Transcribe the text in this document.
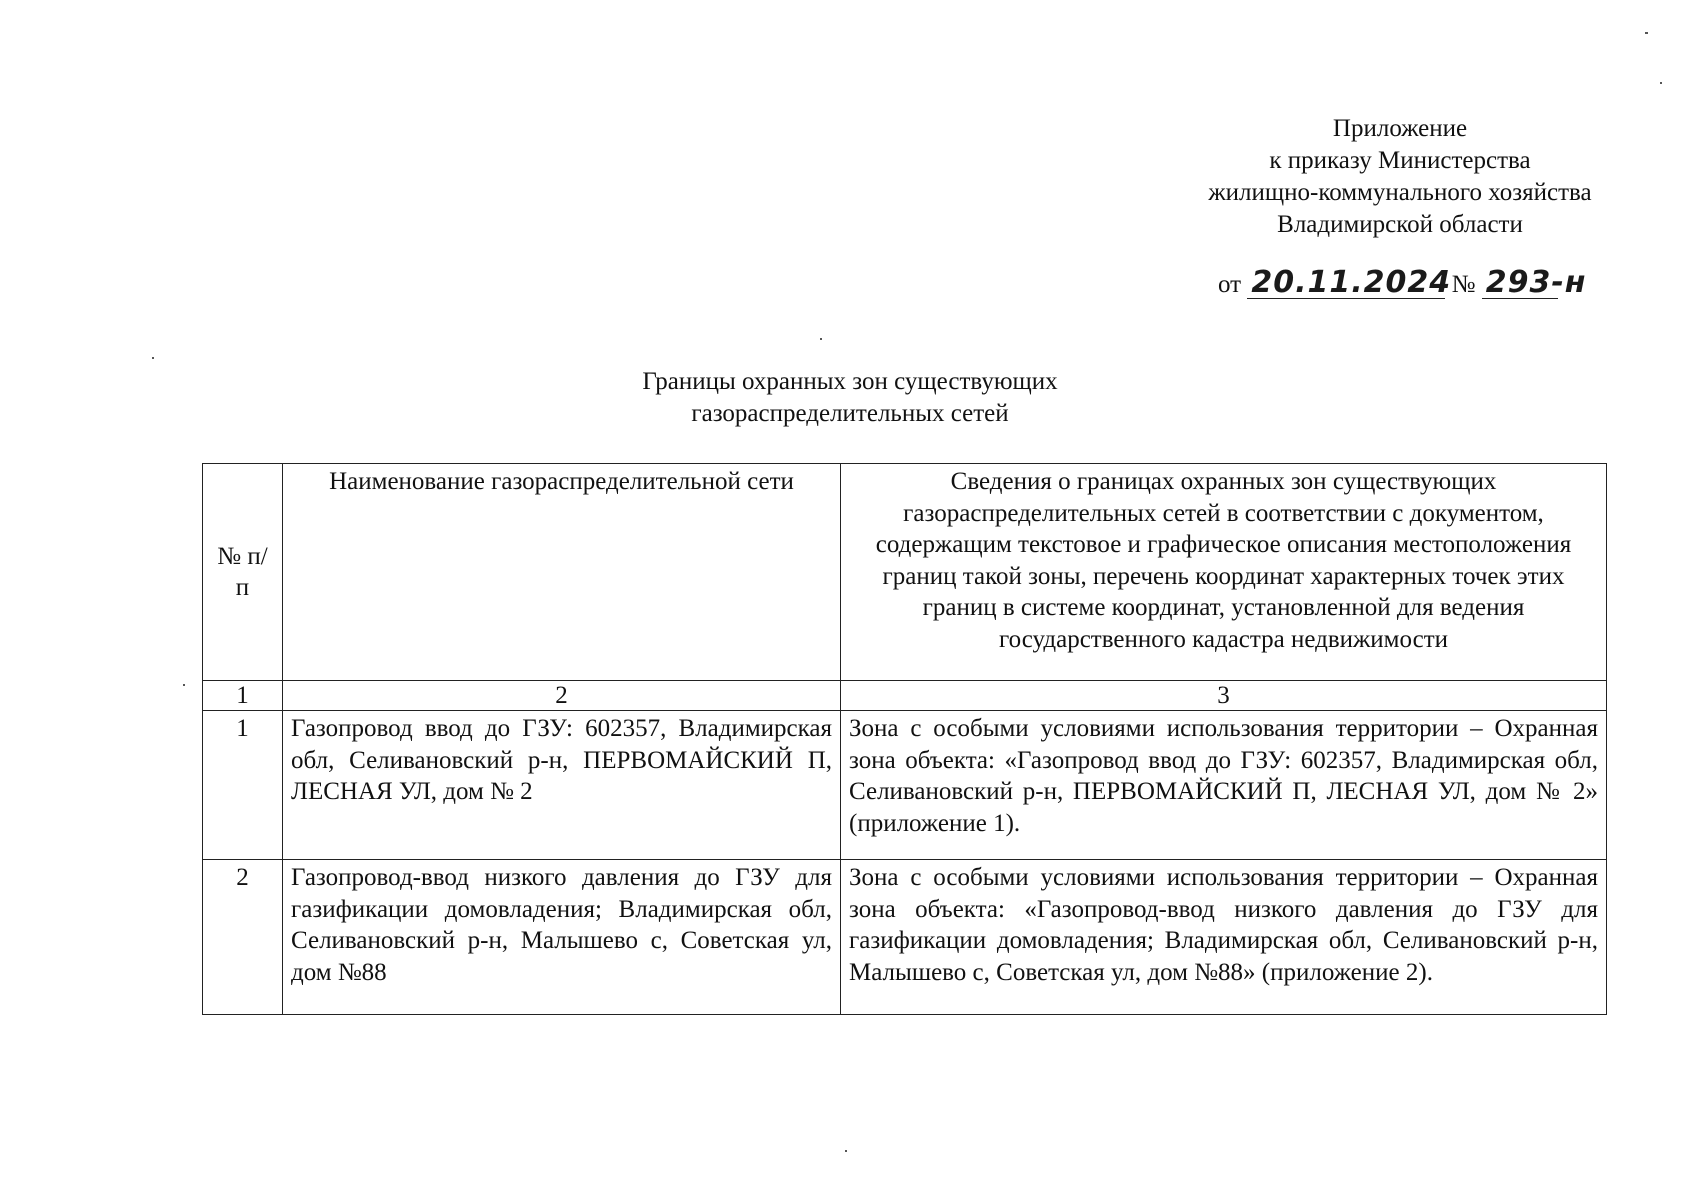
Приложение
к приказу Министерства
жилищно-коммунального хозяйства
Владимирской области
от 20.11.2024 № 293-н
Границы охранных зон существующих
газораспределительных сетей
№ п/п	Наименование газораспределительной сети	Сведения о границах охранных зон существующих газораспределительных сетей в соответствии с документом, содержащим текстовое и графическое описания местоположения границ такой зоны, перечень координат характерных точек этих границ в системе координат, установленной для ведения государственного кадастра недвижимости
1	2	3
1	Газопровод ввод до ГЗУ: 602357, Владимирская обл, Селивановский р-н, ПЕРВОМАЙСКИЙ П, ЛЕСНАЯ УЛ, дом № 2	Зона с особыми условиями использования территории – Охранная зона объекта: «Газопровод ввод до ГЗУ: 602357, Владимирская обл, Селивановский р-н, ПЕРВОМАЙСКИЙ П, ЛЕСНАЯ УЛ, дом № 2» (приложение 1).
2	Газопровод-ввод низкого давления до ГЗУ для газификации домовладения; Владимирская обл, Селивановский р-н, Малышево с, Советская ул, дом №88	Зона с особыми условиями использования территории – Охранная зона объекта: «Газопровод-ввод низкого давления до ГЗУ для газификации домовладения; Владимирская обл, Селивановский р-н, Малышево с, Советская ул, дом №88» (приложение 2).
